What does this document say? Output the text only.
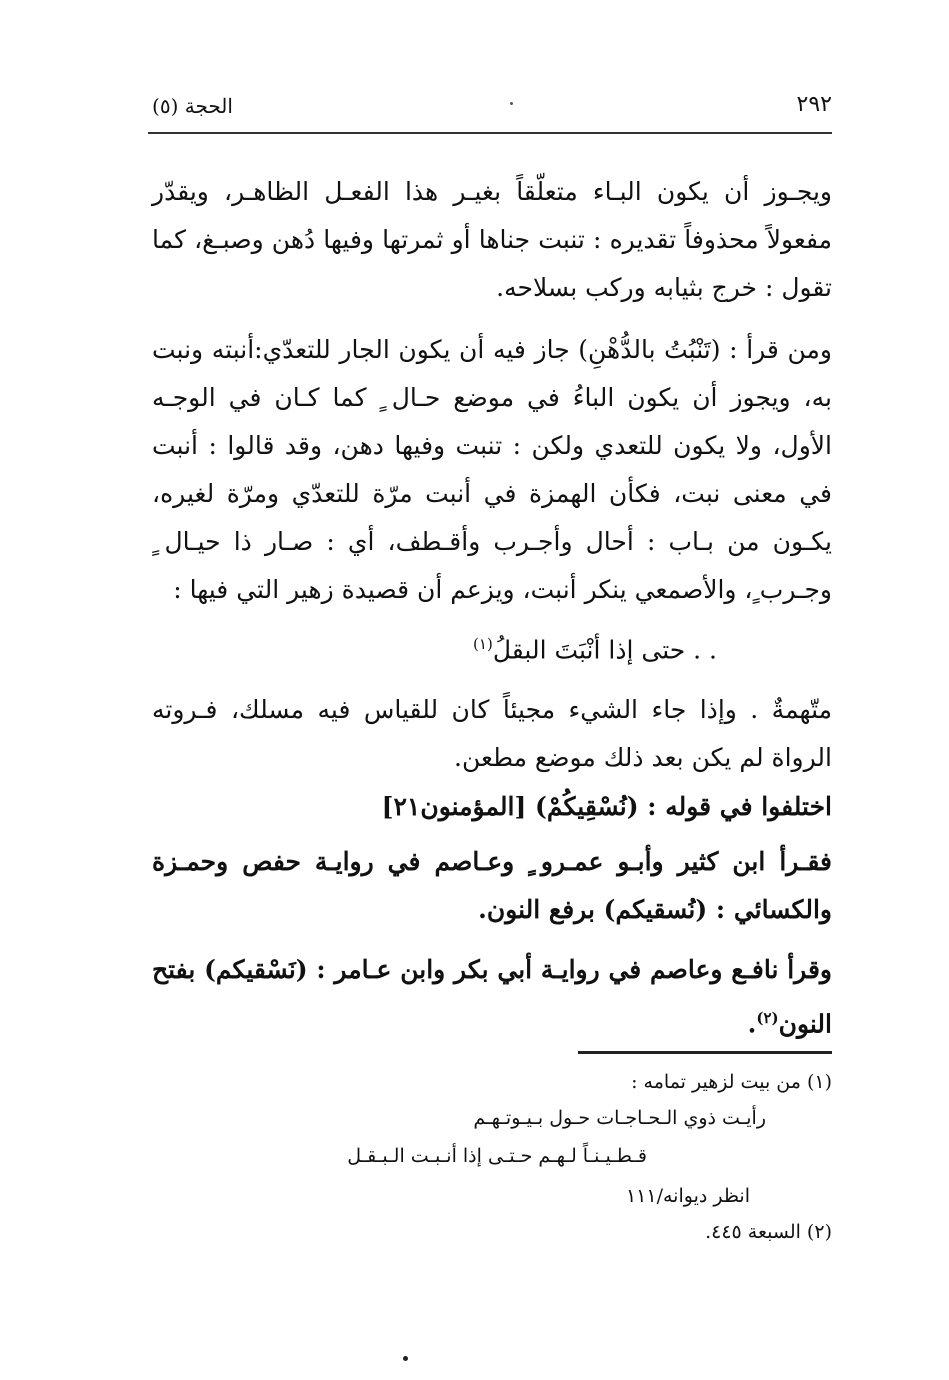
٢٩٢
الحجة (٥)

ويجـوز أن يكون البـاء متعلّقاً بغيـر هذا الفعـل الظاهـر، ويقدّر مفعولاً محذوفاً تقديره : تنبت جناها أو ثمرتها وفيها دُهن وصبـغ، كما تقول : خرج بثيابه وركب بسلاحه.

ومن قرأ : (تَنْبُتُ بالدُّهْنِ) جاز فيه أن يكون الجار للتعدّي:أنبته ونبت به، ويجوز أن يكون الباءُ في موضع حـال ٍ كما كـان في الوجـه الأول، ولا يكون للتعدي ولكن : تنبت وفيها دهن، وقد قالوا : أنبت في معنى نبت، فكأن الهمزة في أنبت مرّة للتعدّي ومرّة لغيره، يكـون من بـاب : أحال وأجـرب وأقـطف، أي : صـار ذا حيـال ٍ وجـرب ٍ، والأصمعي ينكر أنبت، ويزعم أن قصيدة زهير التي فيها :

. . حتى إذا أنْبَتَ البقلُ$^{(١)}$

متّهمةٌ . وإذا جاء الشيء مجيئاً كان للقياس فيه مسلك، فـروته الرواة لم يكن بعد ذلك موضع مطعن.

اختلفوا في قوله : (نُسْقِيكُمْ) [المؤمنون٢١]

فقـرأ ابن كثير وأبـو عمـرو ٍ وعـاصم في روايـة حفص وحمـزة والكسائي : (نُسقيكم) برفع النون.

وقرأ نافـع وعاصم في روايـة أبي بكر وابن عـامر : (نَسْقيكم) بفتح النون$^{(٢)}$.

(١) من بيت لزهير تمامه :
رأيـت ذوي الـحـاجـات حـول بـيـوتـهـم
قـطـيـنـاً لـهـم حـتـى إذا أنـبـت الـبـقـل
انظر ديوانه/١١١
(٢) السبعة ٤٤٥.
